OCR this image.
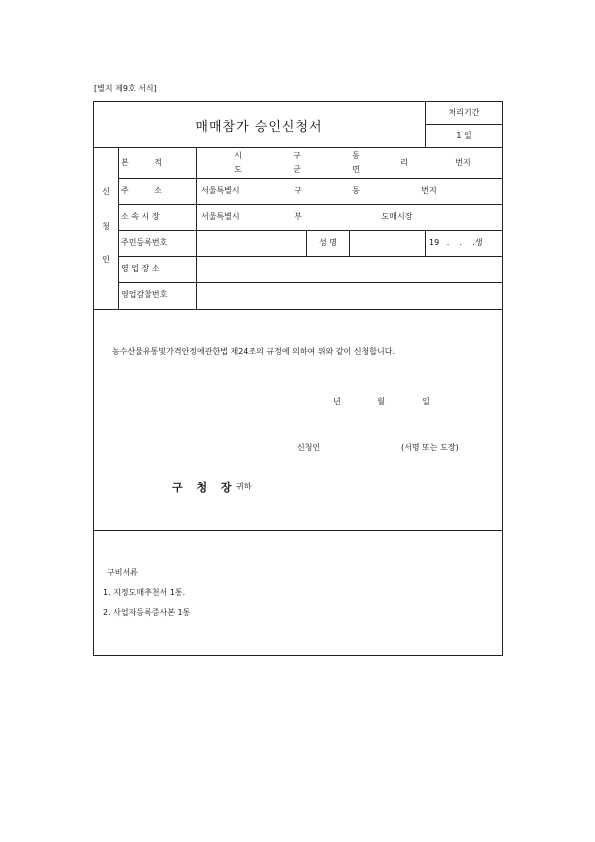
[별지 제9호 서식]
매매참가 승인신청서
처리기간
1 일
신
청
인
본          적
시	구	동
도	군	면
리	번지
주          소	서울특별시	구	동	번지
소 속 시 장	서울특별시	부	도매시장
주민등록번호	성 명	19   .    .    .생
영 업 장 소
영업감찰번호
농수산물유통및가격안정에관한법 제24조의 규정에 의하여 위와 같이 신청합니다.
년	월	일
신청인	(서명 또는 도장)
구 청 장 귀하
구비서류
1. 지정도매추천서 1통.
2. 사업자등록증사본 1통
